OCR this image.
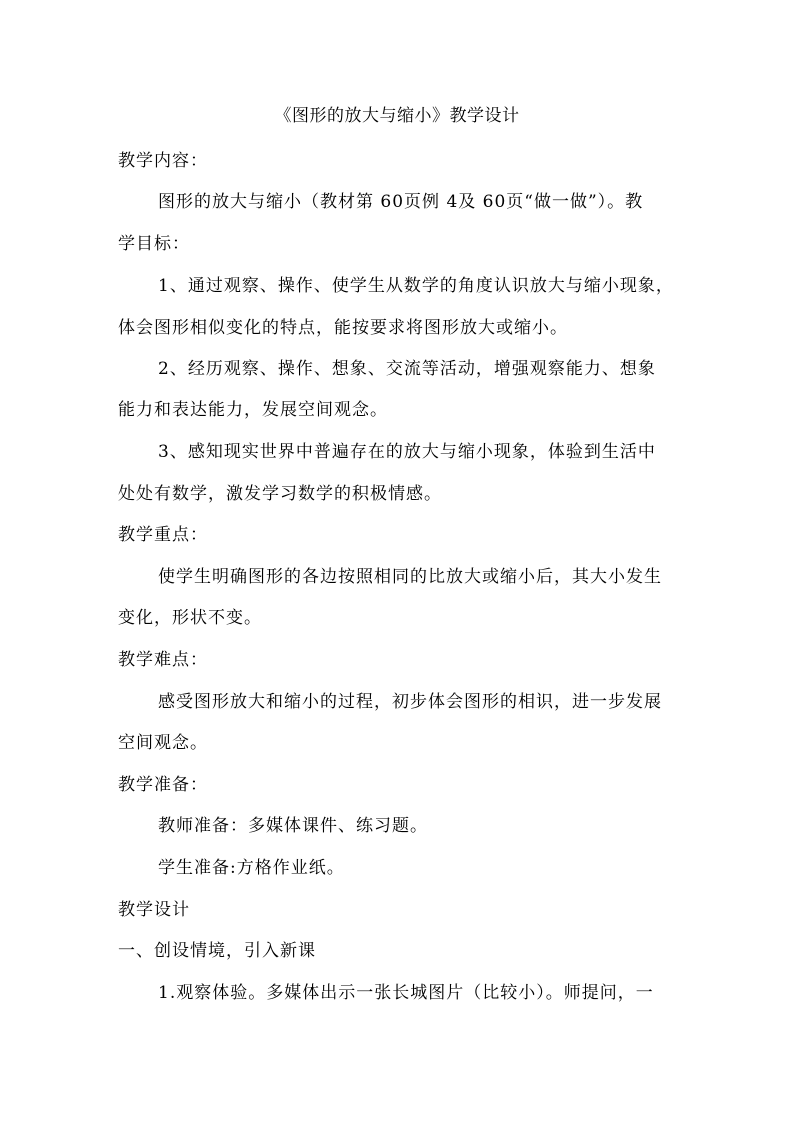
《图形的放大与缩小》教学设计
教学内容：
图形的放大与缩小（教材第 60页例 4及 60页“做一做”）。教
学目标：
1、通过观察、操作、使学生从数学的角度认识放大与缩小现象，
体会图形相似变化的特点，能按要求将图形放大或缩小。
2、经历观察、操作、想象、交流等活动，增强观察能力、想象
能力和表达能力，发展空间观念。
3、感知现实世界中普遍存在的放大与缩小现象，体验到生活中
处处有数学，激发学习数学的积极情感。
教学重点：
使学生明确图形的各边按照相同的比放大或缩小后，其大小发生
变化，形状不变。
教学难点：
感受图形放大和缩小的过程，初步体会图形的相识，进一步发展
空间观念。
教学准备：
教师准备：多媒体课件、练习题。
学生准备:方格作业纸。
教学设计
一、创设情境，引入新课
1.观察体验。多媒体出示一张长城图片（比较小）。师提问，一
